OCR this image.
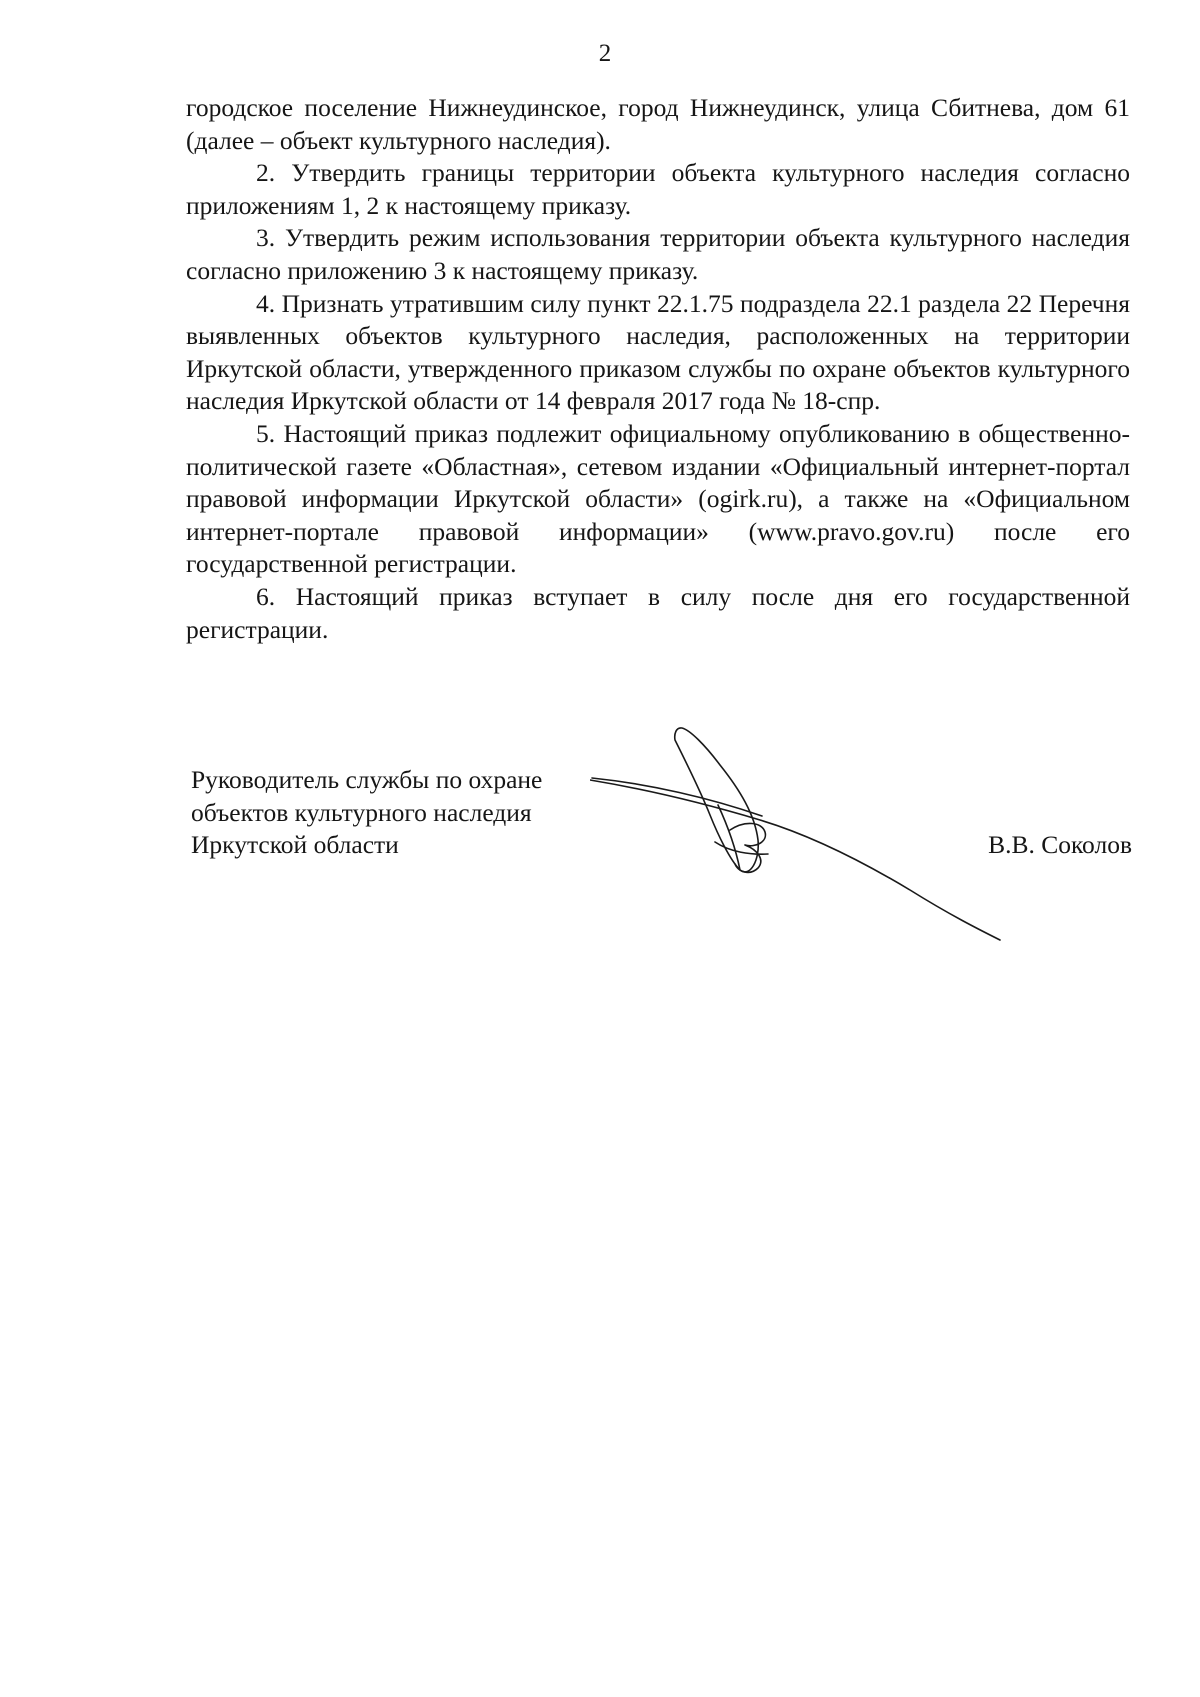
2

городское поселение Нижнеудинское, город Нижнеудинск, улица Сбитнева, дом 61 (далее – объект культурного наследия).

2. Утвердить границы территории объекта культурного наследия согласно приложениям 1, 2 к настоящему приказу.

3. Утвердить режим использования территории объекта культурного наследия согласно приложению 3 к настоящему приказу.

4. Признать утратившим силу пункт 22.1.75 подраздела 22.1 раздела 22 Перечня выявленных объектов культурного наследия, расположенных на территории Иркутской области, утвержденного приказом службы по охране объектов культурного наследия Иркутской области от 14 февраля 2017 года № 18-спр.

5. Настоящий приказ подлежит официальному опубликованию в общественно-политической газете «Областная», сетевом издании «Официальный интернет-портал правовой информации Иркутской области» (ogirk.ru), а также на «Официальном интернет-портале правовой информации» (www.pravo.gov.ru) после его государственной регистрации.

6. Настоящий приказ вступает в силу после дня его государственной регистрации.

Руководитель службы по охране
объектов культурного наследия
Иркутской области	В.В. Соколов
